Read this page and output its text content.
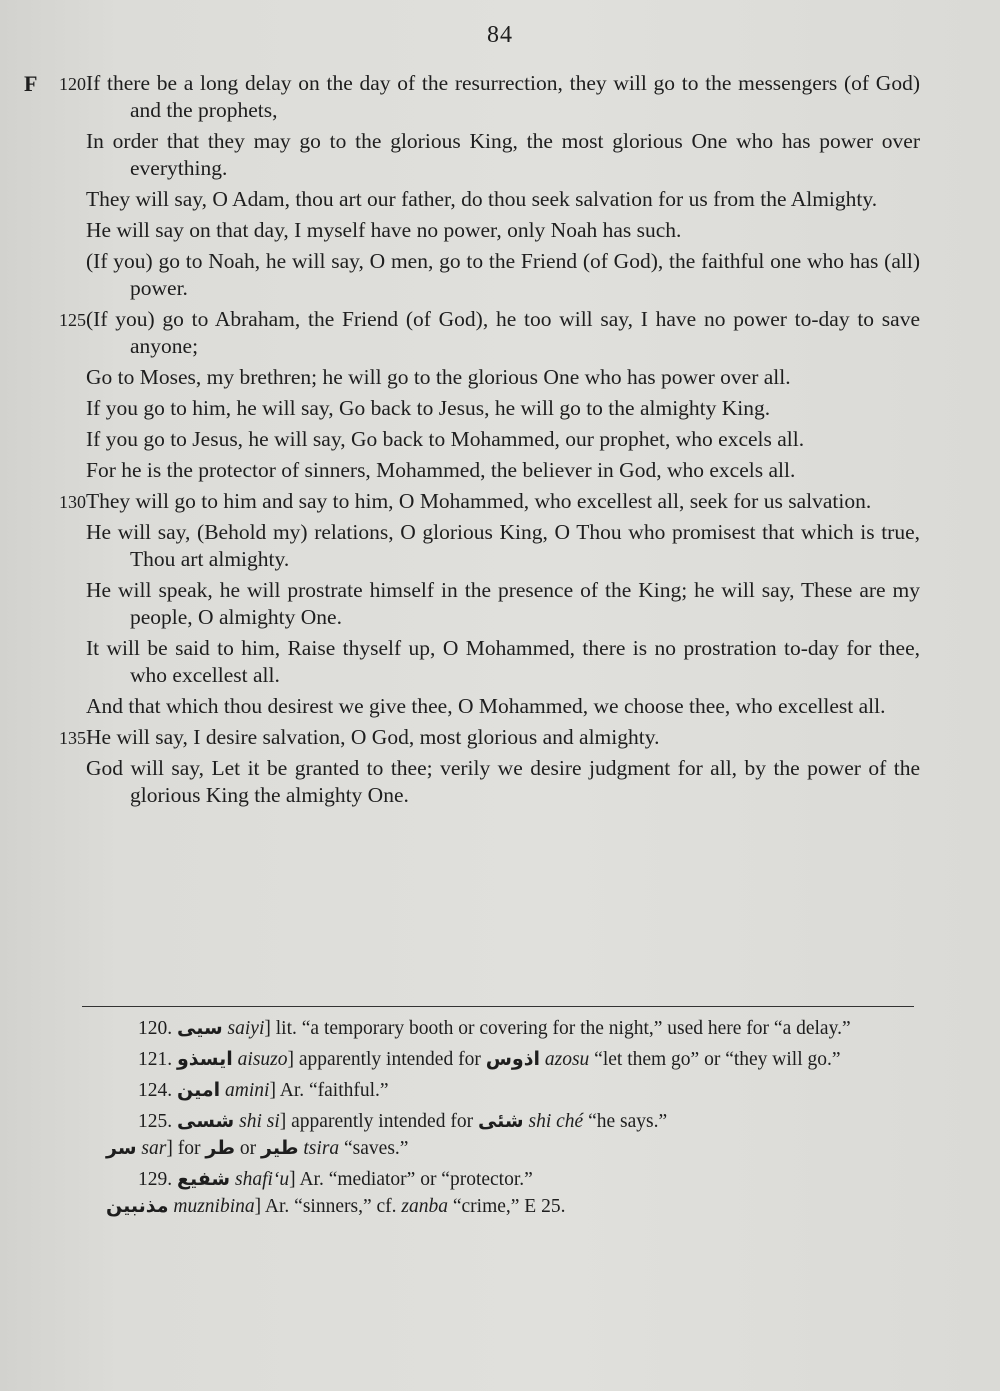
84
F	120 If there be a long delay on the day of the resurrection, they will go to the messengers (of God) and the prophets,
In order that they may go to the glorious King, the most glorious One who has power over everything.
They will say, O Adam, thou art our father, do thou seek salvation for us from the Almighty.
He will say on that day, I myself have no power, only Noah has such.
(If you) go to Noah, he will say, O men, go to the Friend (of God), the faithful one who has (all) power.
125 (If you) go to Abraham, the Friend (of God), he too will say, I have no power to-day to save anyone;
Go to Moses, my brethren; he will go to the glorious One who has power over all.
If you go to him, he will say, Go back to Jesus, he will go to the almighty King.
If you go to Jesus, he will say, Go back to Mohammed, our prophet, who excels all.
For he is the protector of sinners, Mohammed, the believer in God, who excels all.
130 They will go to him and say to him, O Mohammed, who excellest all, seek for us salvation.
He will say, (Behold my) relations, O glorious King, O Thou who promisest that which is true, Thou art almighty.
He will speak, he will prostrate himself in the presence of the King; he will say, These are my people, O almighty One.
It will be said to him, Raise thyself up, O Mohammed, there is no prostration to-day for thee, who excellest all.
And that which thou desirest we give thee, O Mohammed, we choose thee, who excellest all.
135 He will say, I desire salvation, O God, most glorious and almighty.
God will say, Let it be granted to thee; verily we desire judgment for all, by the power of the glorious King the almighty One.
120. سيى saiyi] lit. “a temporary booth or covering for the night,” used here for “a delay.”
121. ايسذو aisuzo] apparently intended for اذوس azosu “let them go” or “they will go.”
124. امين amini] Ar. “faithful.”
125. شسى shi si] apparently intended for شئى shi ché “he says.”
سر sar] for طر or طير tsira “saves.”
129. شفيع shafi‘u] Ar. “mediator” or “protector.”
مذنبين muznibina] Ar. “sinners,” cf. zanba “crime,” E 25.
